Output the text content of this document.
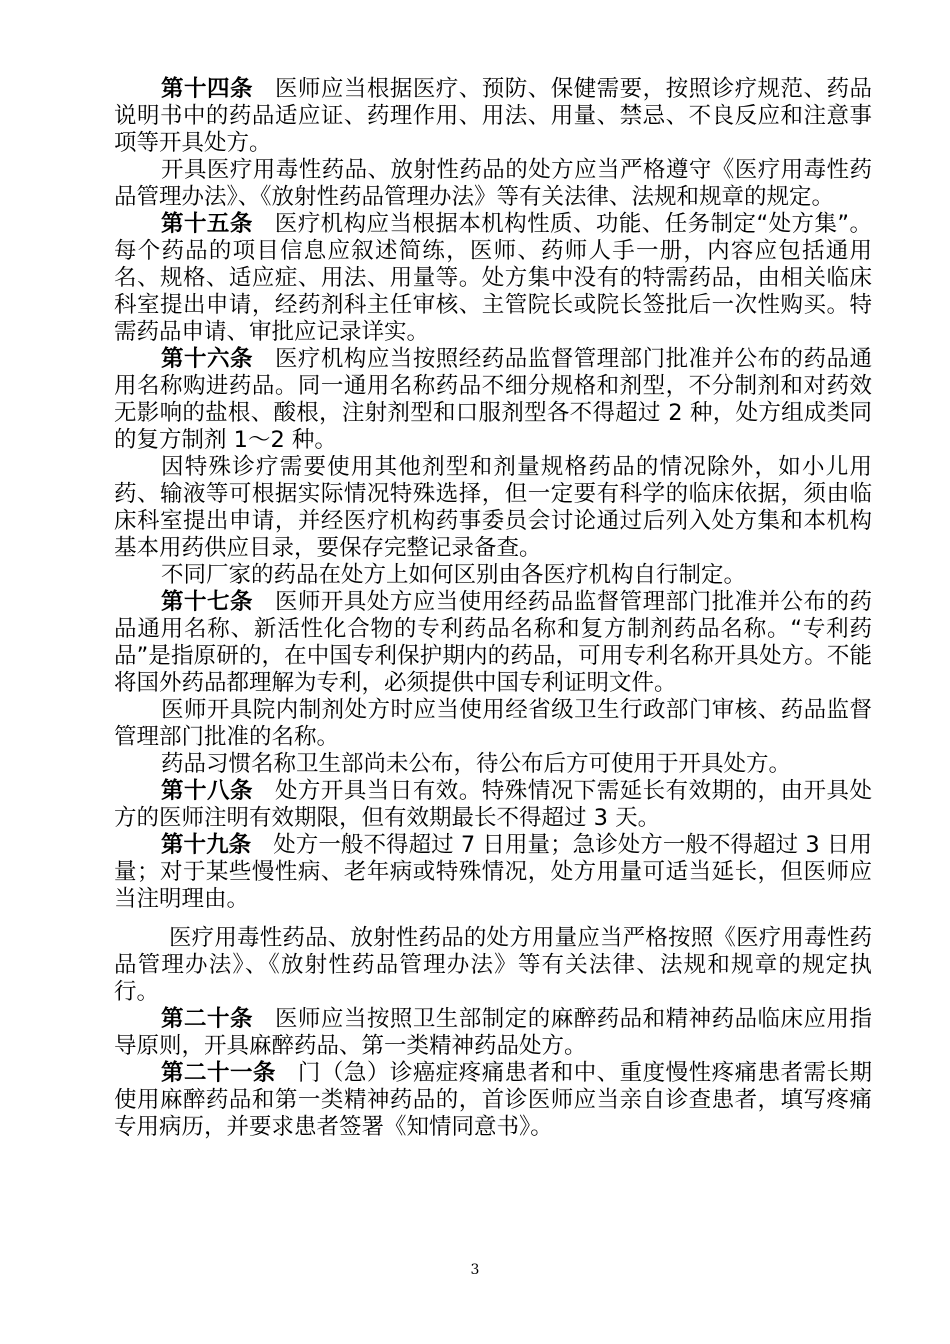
第十四条 医师应当根据医疗、预防、保健需要，按照诊疗规范、药品说明书中的药品适应证、药理作用、用法、用量、禁忌、不良反应和注意事项等开具处方。

开具医疗用毒性药品、放射性药品的处方应当严格遵守《医疗用毒性药品管理办法》、《放射性药品管理办法》等有关法律、法规和规章的规定。

第十五条 医疗机构应当根据本机构性质、功能、任务制定“处方集”。每个药品的项目信息应叙述简练，医师、药师人手一册，内容应包括通用名、规格、适应症、用法、用量等。处方集中没有的特需药品，由相关临床科室提出申请，经药剂科主任审核、主管院长或院长签批后一次性购买。特需药品申请、审批应记录详实。

第十六条 医疗机构应当按照经药品监督管理部门批准并公布的药品通用名称购进药品。同一通用名称药品不细分规格和剂型，不分制剂和对药效无影响的盐根、酸根，注射剂型和口服剂型各不得超过 2 种，处方组成类同的复方制剂 1～2 种。

因特殊诊疗需要使用其他剂型和剂量规格药品的情况除外，如小儿用药、输液等可根据实际情况特殊选择，但一定要有科学的临床依据，须由临床科室提出申请，并经医疗机构药事委员会讨论通过后列入处方集和本机构基本用药供应目录，要保存完整记录备查。

不同厂家的药品在处方上如何区别由各医疗机构自行制定。

第十七条 医师开具处方应当使用经药品监督管理部门批准并公布的药品通用名称、新活性化合物的专利药品名称和复方制剂药品名称。“专利药品”是指原研的，在中国专利保护期内的药品，可用专利名称开具处方。不能将国外药品都理解为专利，必须提供中国专利证明文件。

医师开具院内制剂处方时应当使用经省级卫生行政部门审核、药品监督管理部门批准的名称。

药品习惯名称卫生部尚未公布，待公布后方可使用于开具处方。

第十八条 处方开具当日有效。特殊情况下需延长有效期的，由开具处方的医师注明有效期限，但有效期最长不得超过 3 天。

第十九条 处方一般不得超过 7 日用量；急诊处方一般不得超过 3 日用量；对于某些慢性病、老年病或特殊情况，处方用量可适当延长，但医师应当注明理由。

医疗用毒性药品、放射性药品的处方用量应当严格按照《医疗用毒性药品管理办法》、《放射性药品管理办法》等有关法律、法规和规章的规定执行。

第二十条 医师应当按照卫生部制定的麻醉药品和精神药品临床应用指导原则，开具麻醉药品、第一类精神药品处方。

第二十一条 门（急）诊癌症疼痛患者和中、重度慢性疼痛患者需长期使用麻醉药品和第一类精神药品的，首诊医师应当亲自诊查患者，填写疼痛专用病历，并要求患者签署《知情同意书》。

3
